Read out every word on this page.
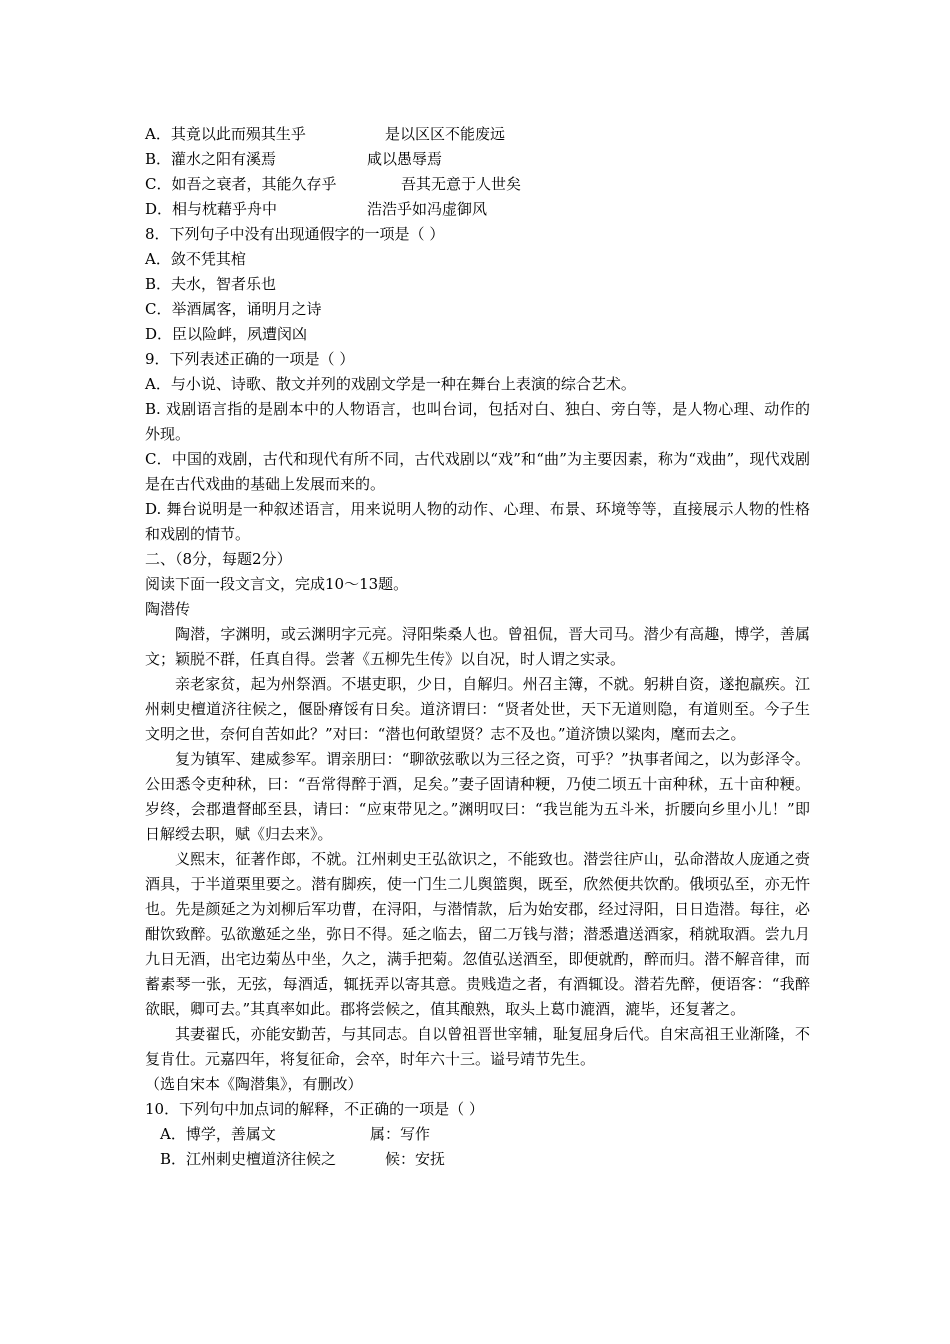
A．其竟以此而殒其生乎	是以区区不能废远
B．灌水之阳有溪焉	咸以愚辱焉
C．如吾之衰者，其能久存乎	吾其无意于人世矣
D．相与枕藉乎舟中	浩浩乎如冯虚御风
8．下列句子中没有出现通假字的一项是（ ）
A．敛不凭其棺
B．夫水，智者乐也
C．举酒属客，诵明月之诗
D．臣以险衅，夙遭闵凶
9．下列表述正确的一项是（ ）
A．与小说、诗歌、散文并列的戏剧文学是一种在舞台上表演的综合艺术。
B. 戏剧语言指的是剧本中的人物语言，也叫台词，包括对白、独白、旁白等，是人物心理、动作的外现。
C．中国的戏剧，古代和现代有所不同，古代戏剧以“戏”和“曲”为主要因素，称为“戏曲”，现代戏剧是在古代戏曲的基础上发展而来的。
D. 舞台说明是一种叙述语言，用来说明人物的动作、心理、布景、环境等等，直接展示人物的性格和戏剧的情节。
二、（8分，每题2分）
阅读下面一段文言文，完成10～13题。
陶潜传
陶潜，字渊明，或云渊明字元亮。浔阳柴桑人也。曾祖侃，晋大司马。潜少有高趣，博学，善属文；颖脱不群，任真自得。尝著《五柳先生传》以自况，时人谓之实录。
亲老家贫，起为州祭酒。不堪吏职，少日，自解归。州召主簿，不就。躬耕自资，遂抱羸疾。江州刺史檀道济往候之，偃卧瘠馁有日矣。道济谓曰：“贤者处世，天下无道则隐，有道则至。今子生文明之世，奈何自苦如此？”对曰：“潜也何敢望贤？志不及也。”道济馈以粱肉，麾而去之。
复为镇军、建威参军。谓亲朋曰：“聊欲弦歌以为三径之资，可乎？”执事者闻之，以为彭泽令。公田悉令吏种秫，曰：“吾常得醉于酒，足矣。”妻子固请种粳，乃使二顷五十亩种秫，五十亩种粳。岁终，会郡遣督邮至县，请曰：“应束带见之。”渊明叹曰：“我岂能为五斗米，折腰向乡里小儿！”即日解绶去职，赋《归去来》。
义熙末，征著作郎，不就。江州刺史王弘欲识之，不能致也。潜尝往庐山，弘命潜故人庞通之赍酒具，于半道栗里要之。潜有脚疾，使一门生二儿舆篮舆，既至，欣然便共饮酌。俄顷弘至，亦无忤也。先是颜延之为刘柳后军功曹，在浔阳，与潜情款，后为始安郡，经过浔阳，日日造潜。每往，必酣饮致醉。弘欲邀延之坐，弥日不得。延之临去，留二万钱与潜；潜悉遣送酒家，稍就取酒。尝九月九日无酒，出宅边菊丛中坐，久之，满手把菊。忽值弘送酒至，即便就酌，醉而归。潜不解音律，而蓄素琴一张，无弦，每酒适，辄抚弄以寄其意。贵贱造之者，有酒辄设。潜若先醉，便语客：“我醉欲眠，卿可去。”其真率如此。郡将尝候之，值其酿熟，取头上葛巾漉酒，漉毕，还复著之。
其妻翟氏，亦能安勤苦，与其同志。自以曾祖晋世宰辅，耻复屈身后代。自宋高祖王业渐隆，不复肯仕。元嘉四年，将复征命，会卒，时年六十三。谥号靖节先生。
（选自宋本《陶潜集》，有删改）
10．下列句中加点词的解释，不正确的一项是（ ）
A．博学，善属文	属：写作
B．江州刺史檀道济往候之	候：安抚
